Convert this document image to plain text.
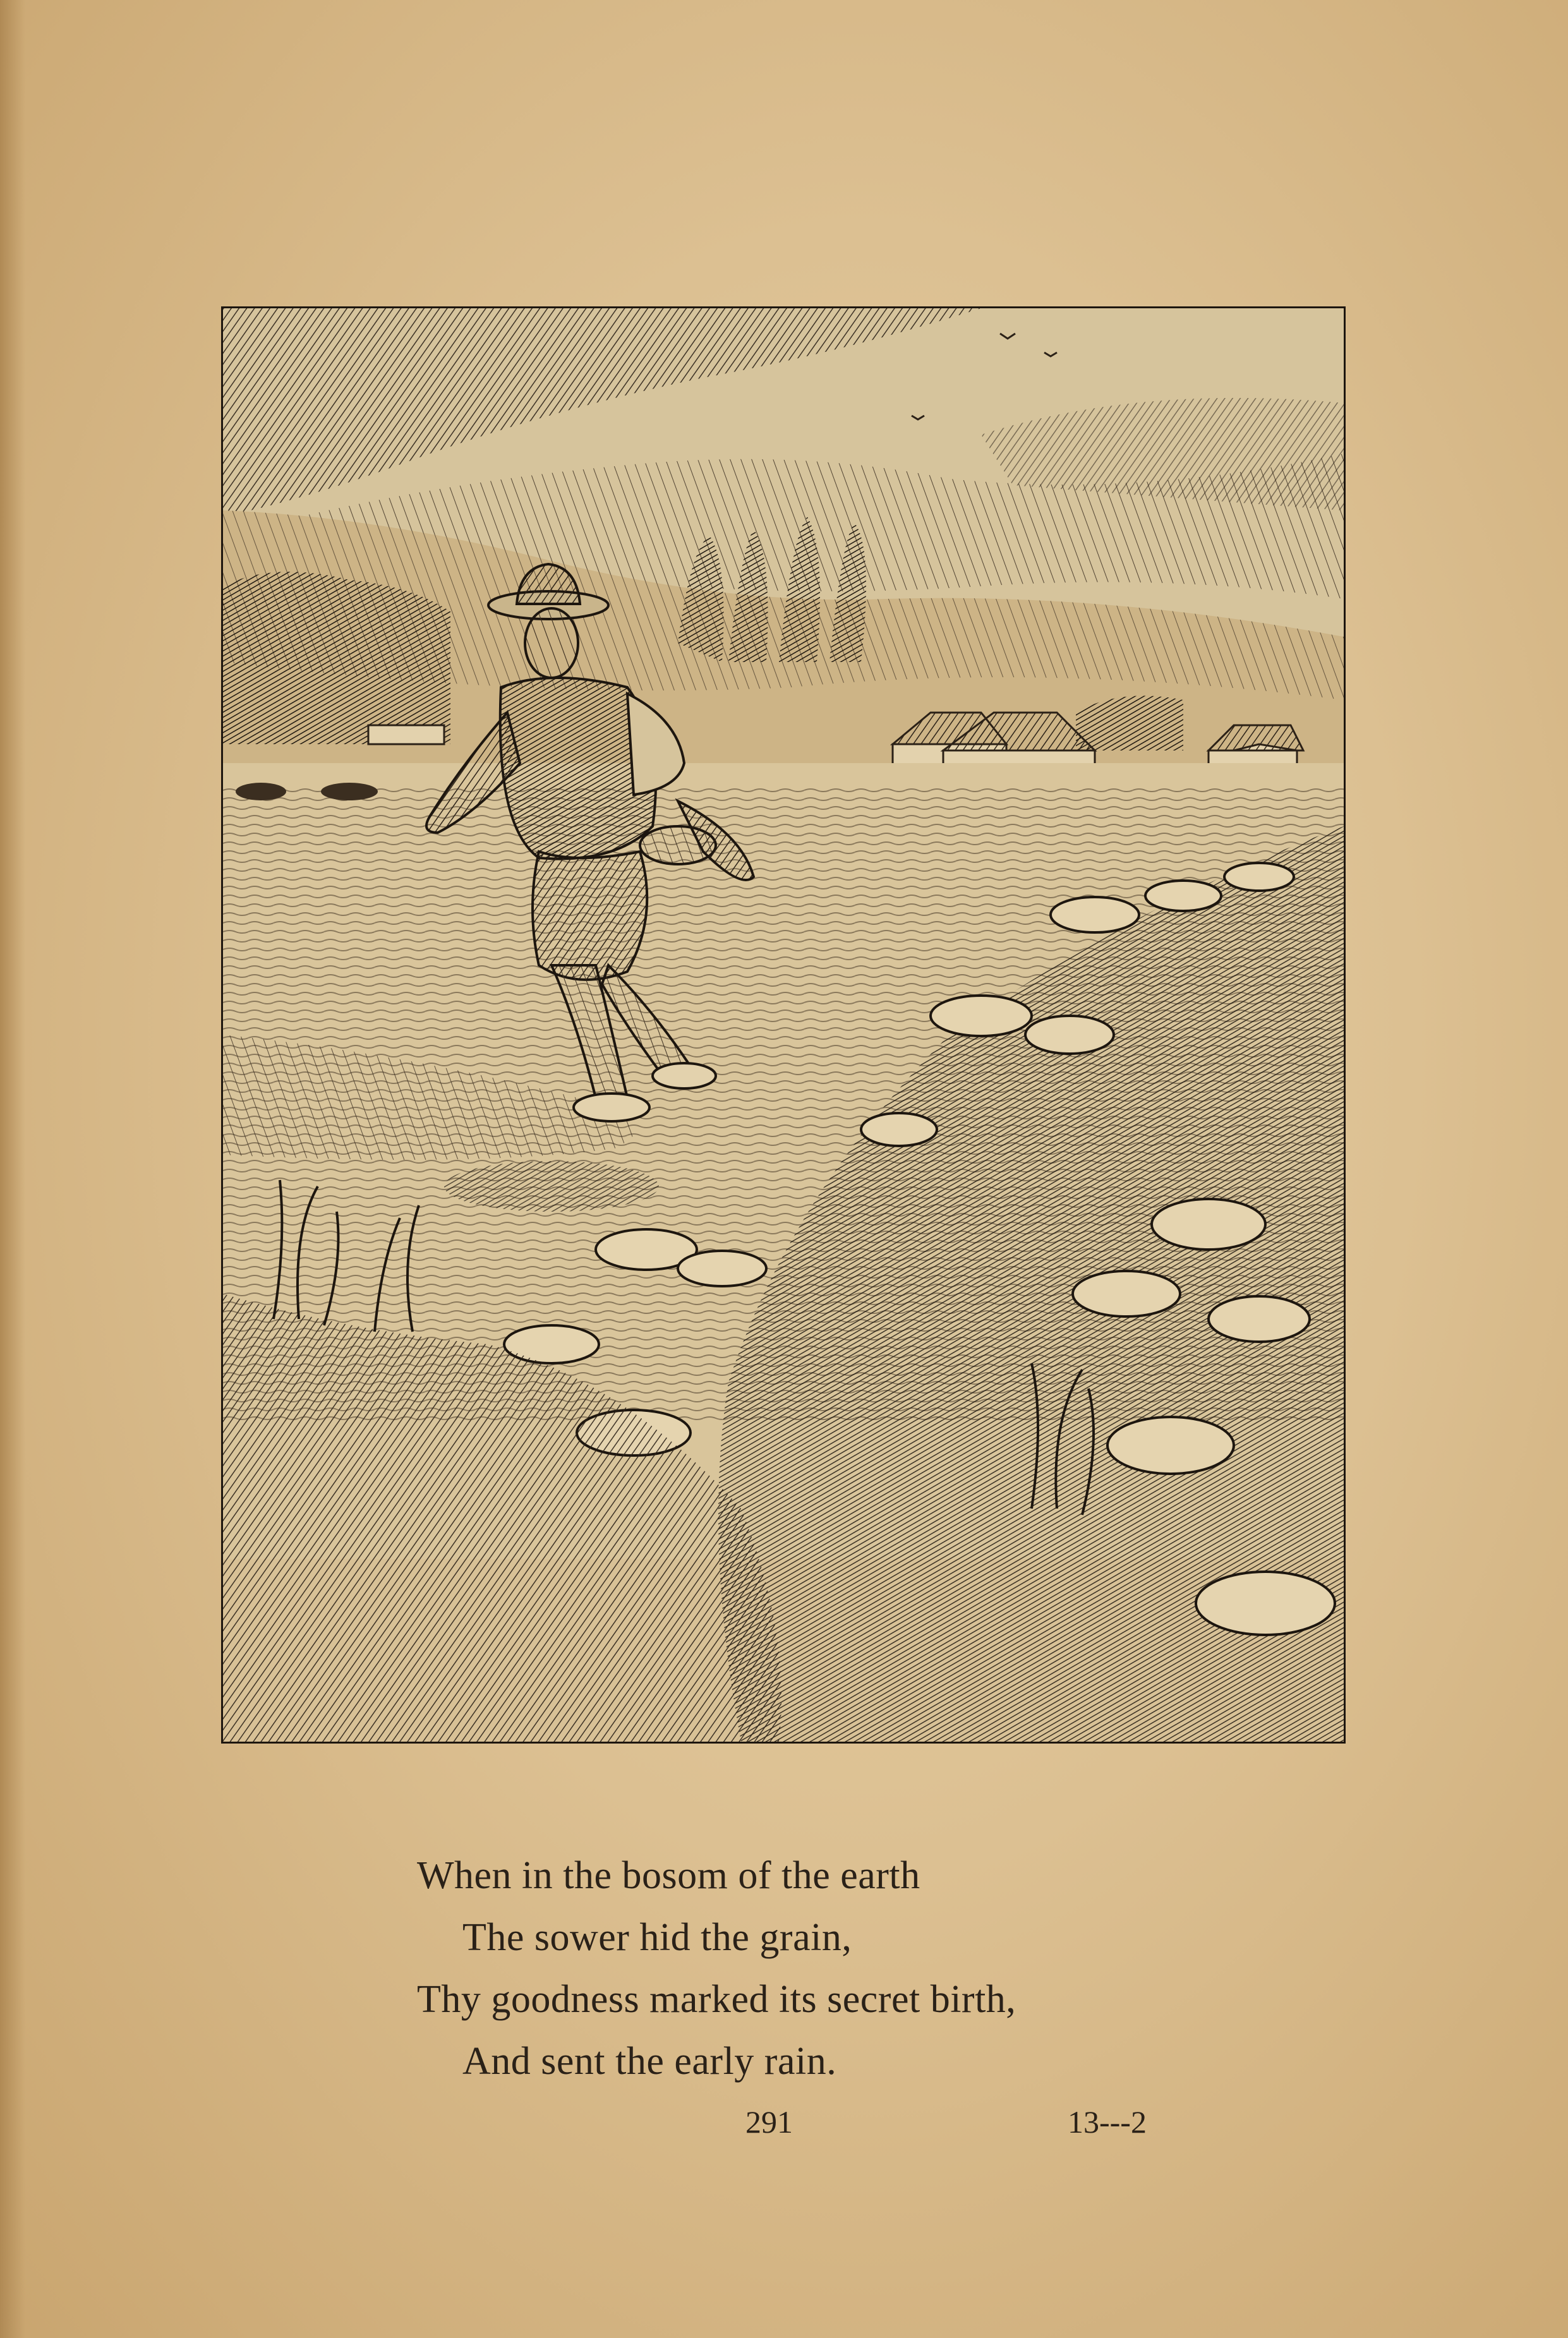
When in the bosom of the earth
The sower hid the grain,
Thy goodness marked its secret birth,
And sent the early rain.
291	13---2
